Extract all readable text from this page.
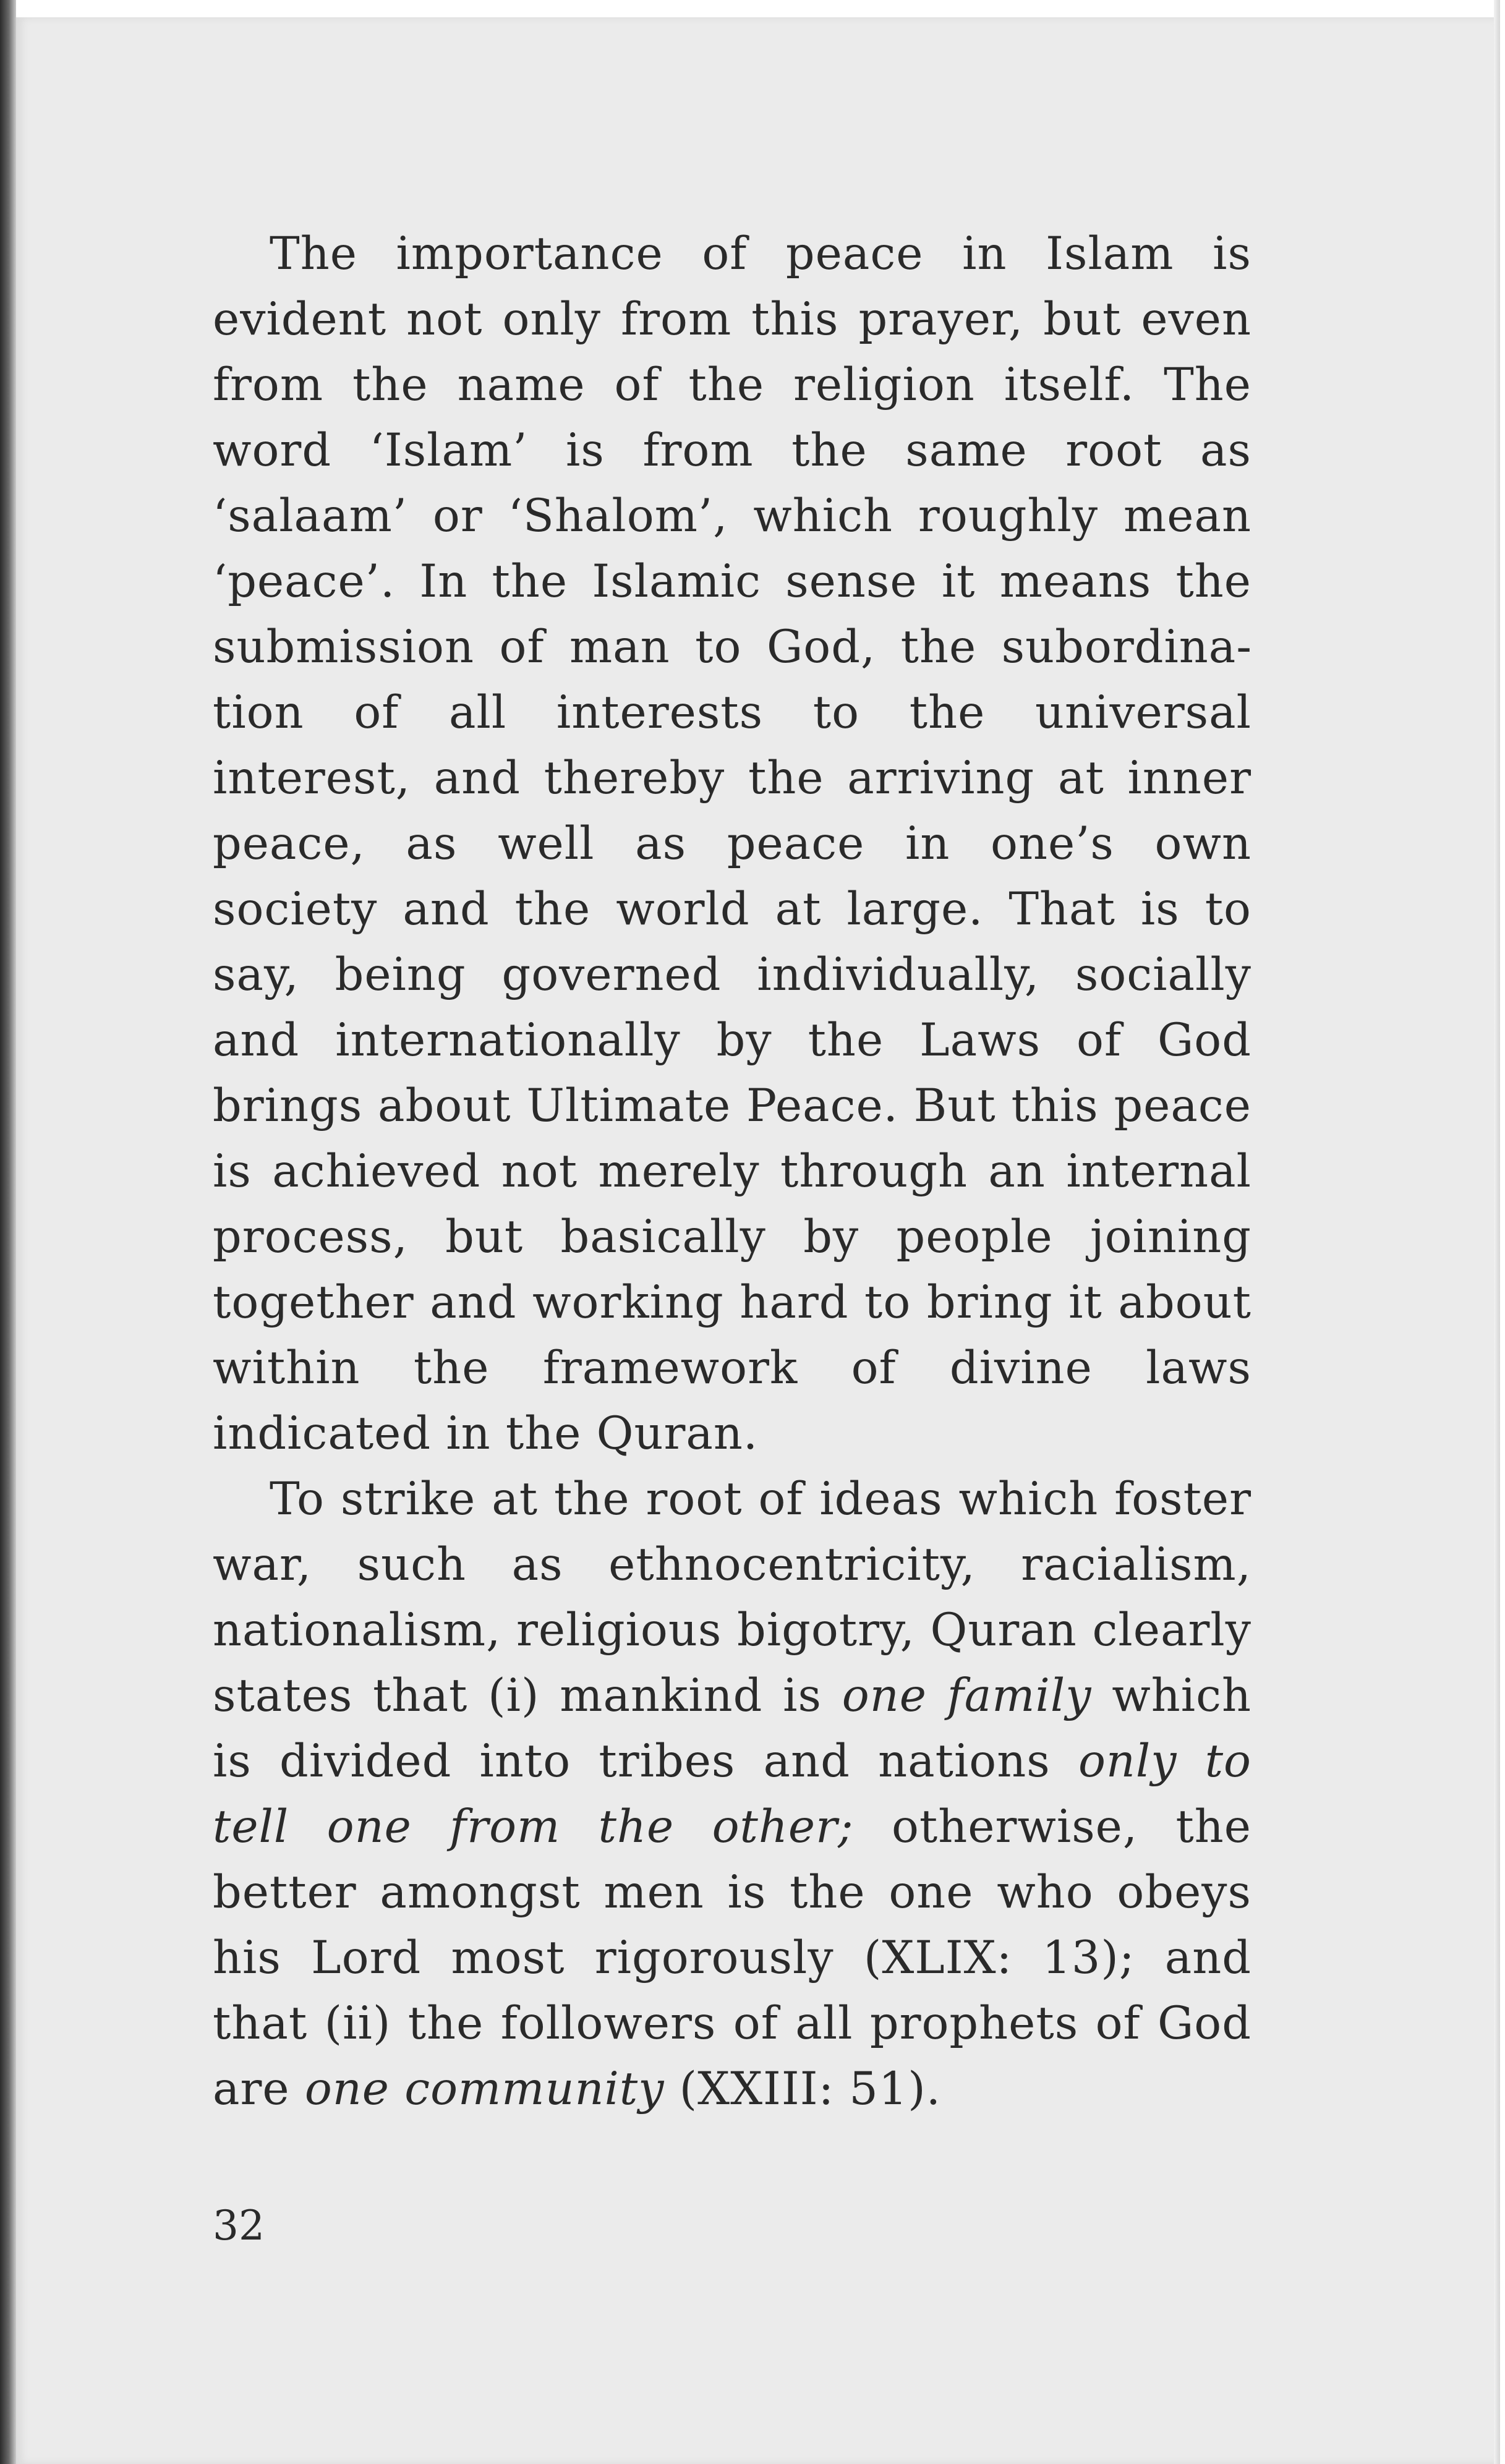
The importance of peace in Islam is evident not only from this prayer, but even from the name of the religion itself. The word ‘Islam’ is from the same root as ‘salaam’ or ‘Shalom’, which roughly mean ‘peace’. In the Islamic sense it means the submission of man to God, the subordination of all interests to the universal interest, and thereby the arriving at inner peace, as well as peace in one’s own society and the world at large. That is to say, being governed individually, socially and internationally by the Laws of God brings about Ultimate Peace. But this peace is achieved not merely through an internal process, but basically by people joining together and working hard to bring it about within the framework of divine laws indicated in the Quran.

To strike at the root of ideas which foster war, such as ethnocentricity, racialism, nationalism, religious bigotry, Quran clearly states that (i) mankind is one family which is divided into tribes and nations only to tell one from the other; otherwise, the better amongst men is the one who obeys his Lord most rigorously (XLIX: 13); and that (ii) the followers of all prophets of God are one community (XXIII: 51).

32
